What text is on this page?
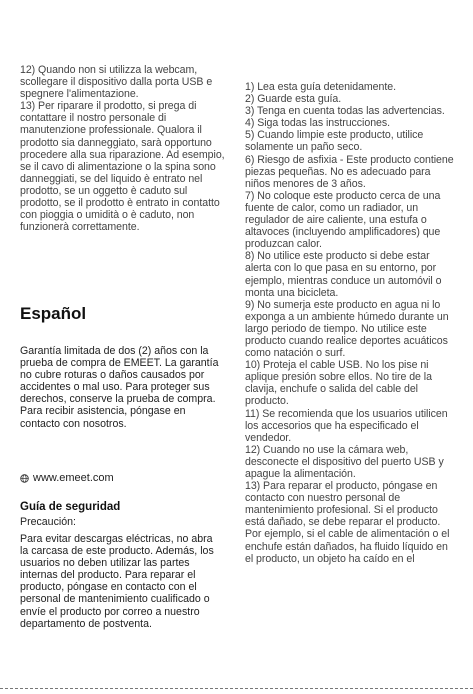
12) Quando non si utilizza la webcam,

scollegare il dispositivo dalla porta USB e

spegnere l'alimentazione.

13) Per riparare il prodotto, si prega di

contattare il nostro personale di

manutenzione professionale. Qualora il

prodotto sia danneggiato, sarà opportuno

procedere alla sua riparazione. Ad esempio,

se il cavo di alimentazione o la spina sono

danneggiati, se del liquido è entrato nel

prodotto, se un oggetto è caduto sul

prodotto, se il prodotto è entrato in contatto

con pioggia o umidità o è caduto, non

funzionerà correttamente.

Español

Garantía limitada de dos (2) años con la

prueba de compra de EMEET. La garantía

no cubre roturas o daños causados por

accidentes o mal uso. Para proteger sus

derechos, conserve la prueba de compra.

Para recibir asistencia, póngase en

contacto con nosotros.

www.emeet.com
Guía de seguridad

Precaución:

Para evitar descargas eléctricas, no abra

la carcasa de este producto. Además, los

usuarios no deben utilizar las partes

internas del producto. Para reparar el

producto, póngase en contacto con el

personal de mantenimiento cualificado o

envíe el producto por correo a nuestro

departamento de postventa.

1) Lea esta guía detenidamente.

2) Guarde esta guía.

3) Tenga en cuenta todas las advertencias.

4) Siga todas las instrucciones.

5) Cuando limpie este producto, utilice

solamente un paño seco.

6) Riesgo de asfixia - Este producto contiene

piezas pequeñas. No es adecuado para

niños menores de 3 años.

7) No coloque este producto cerca de una

fuente de calor, como un radiador, un

regulador de aire caliente, una estufa o

altavoces (incluyendo amplificadores) que

produzcan calor.

8) No utilice este producto si debe estar

alerta con lo que pasa en su entorno, por

ejemplo, mientras conduce un automóvil o

monta una bicicleta.

9) No sumerja este producto en agua ni lo

exponga a un ambiente húmedo durante un

largo periodo de tiempo. No utilice este

producto cuando realice deportes acuáticos

como natación o surf.

10) Proteja el cable USB. No los pise ni

aplique presión sobre ellos. No tire de la

clavija, enchufe o salida del cable del

producto.

11) Se recomienda que los usuarios utilicen

los accesorios que ha especificado el

vendedor.

12) Cuando no use la cámara web,

desconecte el dispositivo del puerto USB y

apague la alimentación.

13) Para reparar el producto, póngase en

contacto con nuestro personal de

mantenimiento profesional. Si el producto

está dañado, se debe reparar el producto.

Por ejemplo, si el cable de alimentación o el

enchufe están dañados, ha fluido líquido en

el producto, un objeto ha caído en el
